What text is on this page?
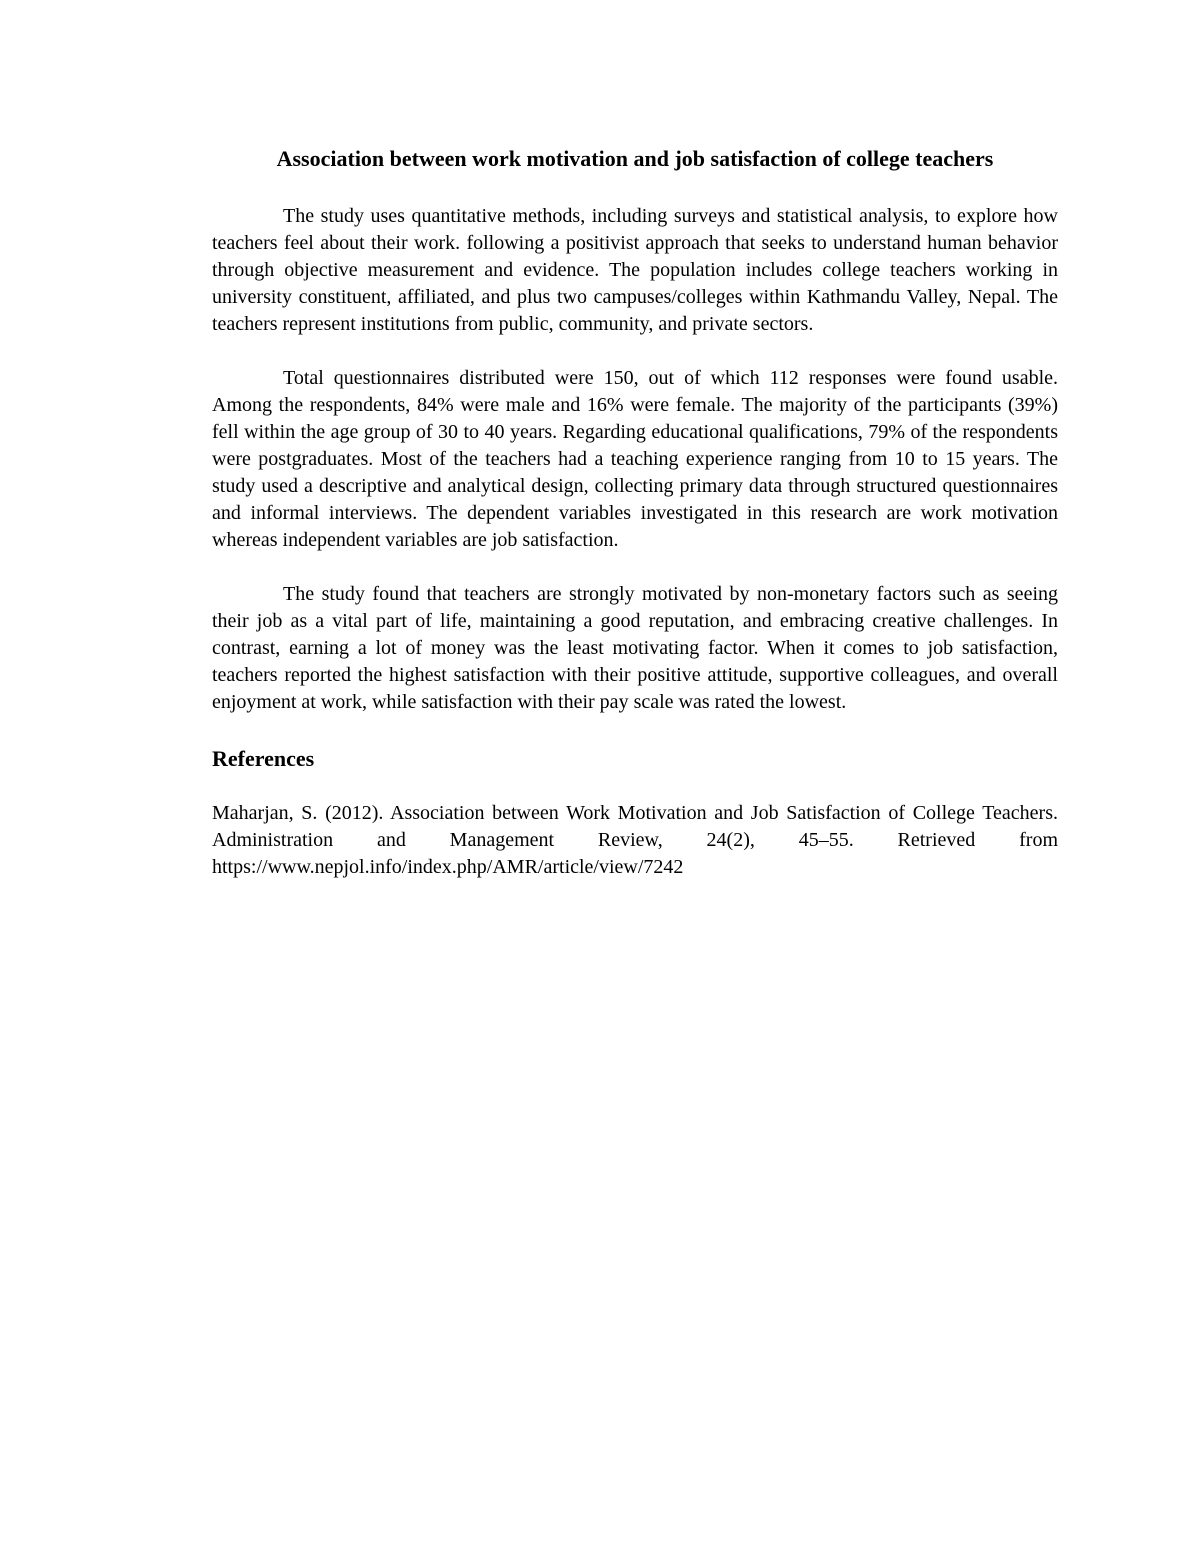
Association between work motivation and job satisfaction of college teachers

The study uses quantitative methods, including surveys and statistical analysis, to explore how teachers feel about their work. following a positivist approach that seeks to understand human behavior through objective measurement and evidence. The population includes college teachers working in university constituent, affiliated, and plus two campuses/colleges within Kathmandu Valley, Nepal. The teachers represent institutions from public, community, and private sectors.

Total questionnaires distributed were 150, out of which 112 responses were found usable. Among the respondents, 84% were male and 16% were female. The majority of the participants (39%) fell within the age group of 30 to 40 years. Regarding educational qualifications, 79% of the respondents were postgraduates. Most of the teachers had a teaching experience ranging from 10 to 15 years. The study used a descriptive and analytical design, collecting primary data through structured questionnaires and informal interviews. The dependent variables investigated in this research are work motivation whereas independent variables are job satisfaction.

The study found that teachers are strongly motivated by non-monetary factors such as seeing their job as a vital part of life, maintaining a good reputation, and embracing creative challenges. In contrast, earning a lot of money was the least motivating factor. When it comes to job satisfaction, teachers reported the highest satisfaction with their positive attitude, supportive colleagues, and overall enjoyment at work, while satisfaction with their pay scale was rated the lowest.

References

Maharjan, S. (2012). Association between Work Motivation and Job Satisfaction of College Teachers. Administration and Management Review, 24(2), 45–55. Retrieved from https://www.nepjol.info/index.php/AMR/article/view/7242
